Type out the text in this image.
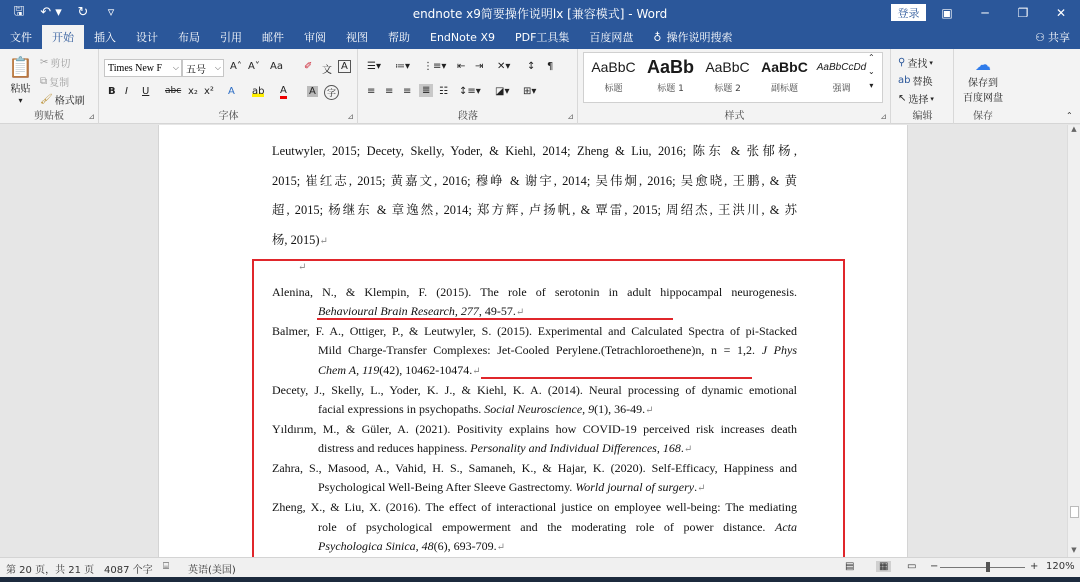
🖫	↶ ▾	↻	▿	endnote x9简要操作说明lx [兼容模式] - Word	登录	▣	─	❐	✕
文件	开始	插入	设计	布局	引用	邮件	审阅	视图	帮助	EndNote X9	PDF工具集	百度网盘	♁ 操作说明搜索	⚇ 共享
📋
粘贴
▾
✂ 剪切
⧉ 复制
🖌 格式刷
剪贴板	⊿
Times New F ⌵ 五号 ⌵ A˄ A˅ Aa ✐ 文 A
B I U abc x₂ x² A ab A A	字
字体	⊿
☰▾ ≔▾ ⋮≡▾ ⇤ ⇥ ✕▾ ↕ ¶
≡ ≡ ≡	≣ ☷ ↕≡▾ ◪▾ ⊞▾
段落	⊿
AaBbC
标题
AaBb
标题 1
AaBbC
标题 2
AaBbC
副标题
AaBbCcDd
强调
⌃
⌄
▾
样式	⊿
⚲ 查找 ▾
ab 替换
↖ 选择 ▾
编辑
☁
保存到
百度网盘
保存	⌃

Leutwyler, 2015; Decety, Skelly, Yoder, & Kiehl, 2014; Zheng & Liu, 2016; 陈东 & 张郁杨,
2015; 崔红志, 2015; 黄嘉文, 2016; 穆峥 & 谢宇, 2014; 吴伟炯, 2016; 吴愈晓, 王鹏, & 黄
超, 2015; 杨继东 & 章逸然, 2014; 郑方辉, 卢扬帆, & 覃雷, 2015; 周绍杰, 王洪川, & 苏
杨, 2015)↵
↵
Alenina, N., & Klempin, F. (2015). The role of serotonin in adult hippocampal neurogenesis.
Behavioural Brain Research, 277, 49-57.↵
Balmer, F. A., Ottiger, P., & Leutwyler, S. (2015). Experimental and Calculated Spectra of pi-Stacked
Mild Charge-Transfer Complexes: Jet-Cooled Perylene.(Tetrachloroethene)n, n = 1,2. J Phys
Chem A, 119(42), 10462-10474.↵
Decety, J., Skelly, L., Yoder, K. J., & Kiehl, K. A. (2014). Neural processing of dynamic emotional
facial expressions in psychopaths. Social Neuroscience, 9(1), 36-49.↵
Yıldırım, M., & Güler, A. (2021). Positivity explains how COVID-19 perceived risk increases death
distress and reduces happiness. Personality and Individual Differences, 168.↵
Zahra, S., Masood, A., Vahid, H. S., Samaneh, K., & Hajar, K. (2020). Self-Efficacy, Happiness and
Psychological Well-Being After Sleeve Gastrectomy. World journal of surgery.↵
Zheng, X., & Liu, X. (2016). The effect of interactional justice on employee well-being: The mediating
role of psychological empowerment and the moderating role of power distance. Acta
Psychologica Sinica, 48(6), 693-709.↵
▲
▼
第 20 页，共 21 页 4087 个字 ⌸ 英语(美国)	▤	▦	▭ −	+ 120%
